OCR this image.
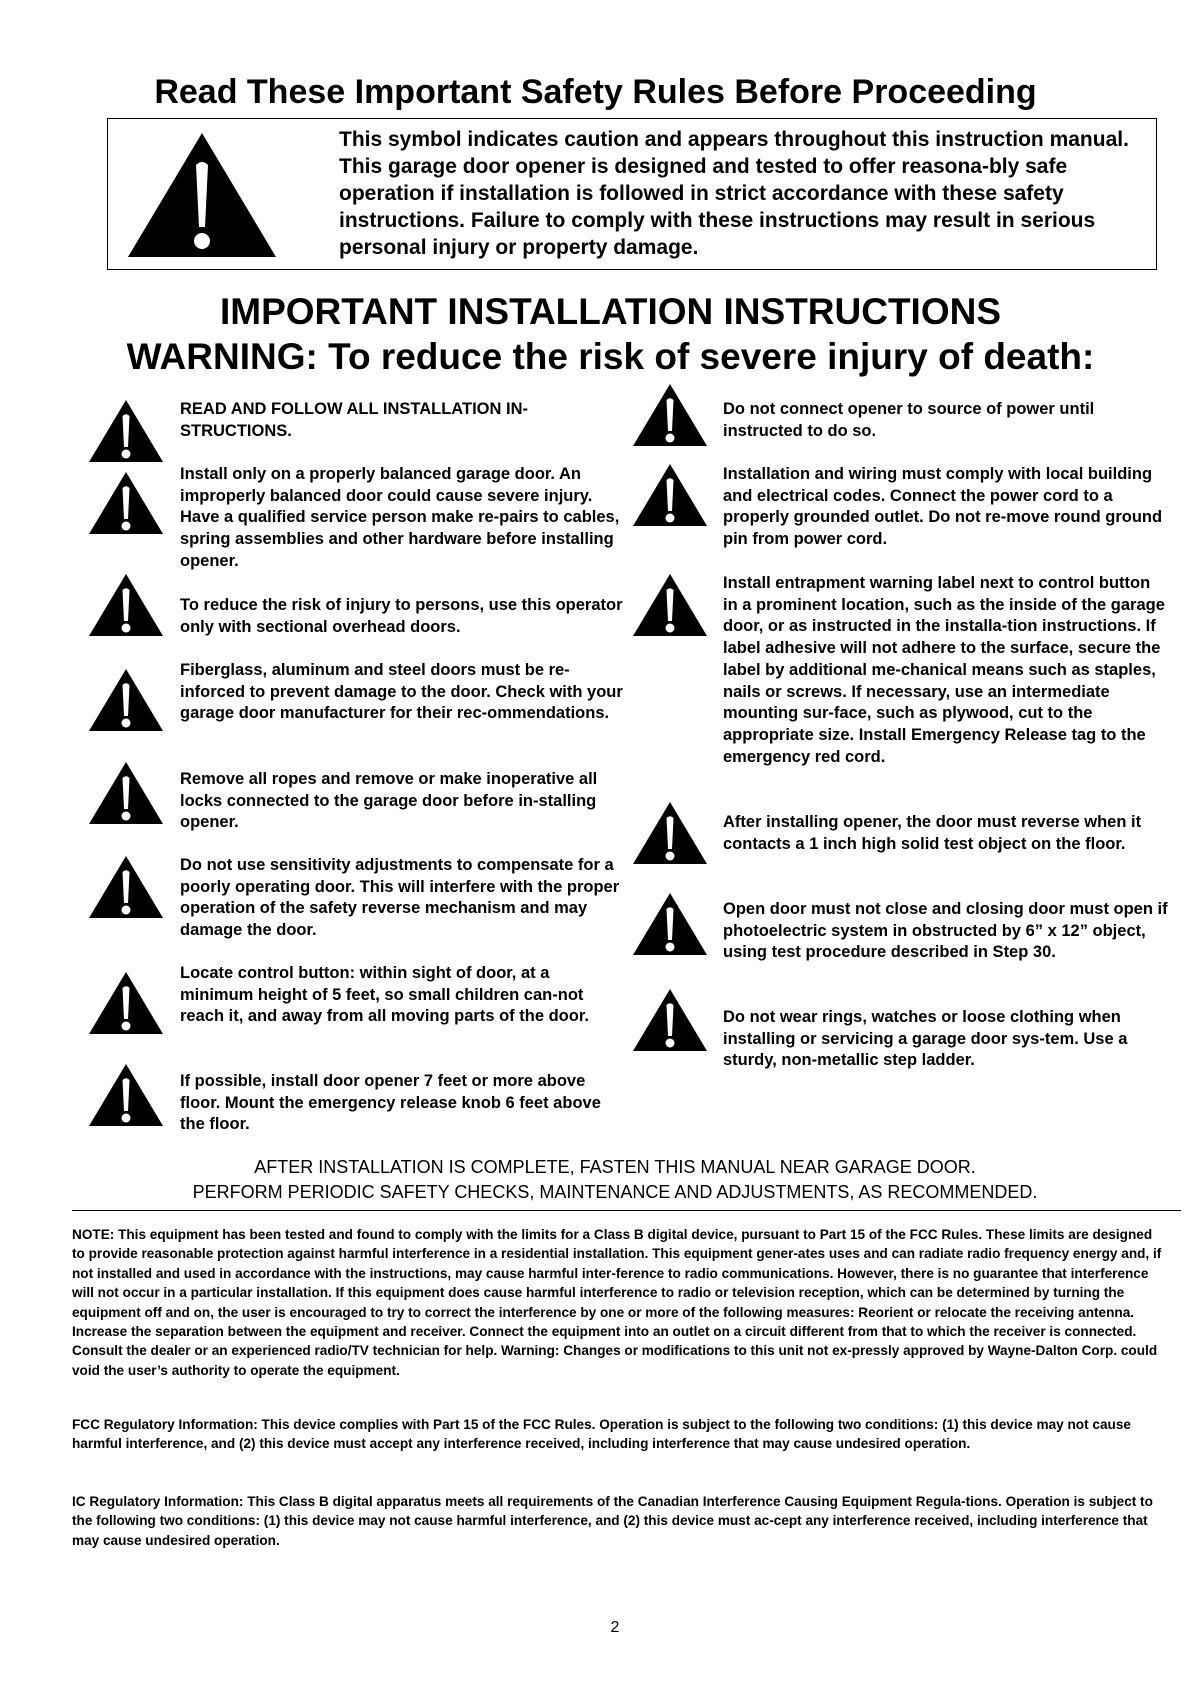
Read These Important Safety Rules Before Proceeding
This symbol indicates caution and appears throughout this instruction manual. This garage door opener is designed and tested to offer reasona-bly safe operation if installation is followed in strict accordance with these safety instructions. Failure to comply with these instructions may result in serious personal injury or property damage.
IMPORTANT INSTALLATION INSTRUCTIONS
WARNING: To reduce the risk of severe injury of death:
READ AND FOLLOW ALL INSTALLATION IN-STRUCTIONS.
Install only on a properly balanced garage door. An improperly balanced door could cause severe injury. Have a qualified service person make re-pairs to cables, spring assemblies and other hardware before installing opener.
To reduce the risk of injury to persons, use this operator only with sectional overhead doors.
Fiberglass, aluminum and steel doors must be re-inforced to prevent damage to the door. Check with your garage door manufacturer for their rec-ommendations.
Remove all ropes and remove or make inoperative all locks connected to the garage door before in-stalling opener.
Do not use sensitivity adjustments to compensate for a poorly operating door. This will interfere with the proper operation of the safety reverse mechanism and may damage the door.
Locate control button: within sight of door, at a minimum height of 5 feet, so small children can-not reach it, and away from all moving parts of the door.
If possible, install door opener 7 feet or more above floor. Mount the emergency release knob 6 feet above the floor.
Do not connect opener to source of power until instructed to do so.
Installation and wiring must comply with local building and electrical codes. Connect the power cord to a properly grounded outlet. Do not re-move round ground pin from power cord.
Install entrapment warning label next to control button in a prominent location, such as the inside of the garage door, or as instructed in the installa-tion instructions. If label adhesive will not adhere to the surface, secure the label by additional me-chanical means such as staples, nails or screws. If necessary, use an intermediate mounting sur-face, such as plywood, cut to the appropriate size. Install Emergency Release tag to the emergency red cord.
After installing opener, the door must reverse when it contacts a 1 inch high solid test object on the floor.
Open door must not close and closing door must open if photoelectric system in obstructed by 6” x 12” object, using test procedure described in Step 30.
Do not wear rings, watches or loose clothing when installing or servicing a garage door sys-tem. Use a sturdy, non-metallic step ladder.
AFTER INSTALLATION IS COMPLETE, FASTEN THIS MANUAL NEAR GARAGE DOOR.
PERFORM PERIODIC SAFETY CHECKS, MAINTENANCE AND ADJUSTMENTS, AS RECOMMENDED.
NOTE: This equipment has been tested and found to comply with the limits for a Class B digital device, pursuant to Part 15 of the FCC Rules. These limits are designed to provide reasonable protection against harmful interference in a residential installation. This equipment gener-ates uses and can radiate radio frequency energy and, if not installed and used in accordance with the instructions, may cause harmful inter-ference to radio communications. However, there is no guarantee that interference will not occur in a particular installation. If this equipment does cause harmful interference to radio or television reception, which can be determined by turning the equipment off and on, the user is encouraged to try to correct the interference by one or more of the following measures: Reorient or relocate the receiving antenna. Increase the separation between the equipment and receiver. Connect the equipment into an outlet on a circuit different from that to which the receiver is connected. Consult the dealer or an experienced radio/TV technician for help. Warning: Changes or modifications to this unit not ex-pressly approved by Wayne-Dalton Corp. could void the user’s authority to operate the equipment.
FCC Regulatory Information: This device complies with Part 15 of the FCC Rules. Operation is subject to the following two conditions: (1) this device may not cause harmful interference, and (2) this device must accept any interference received, including interference that may cause undesired operation.
IC Regulatory Information: This Class B digital apparatus meets all requirements of the Canadian Interference Causing Equipment Regula-tions. Operation is subject to the following two conditions: (1) this device may not cause harmful interference, and (2) this device must ac-cept any interference received, including interference that may cause undesired operation.
2
